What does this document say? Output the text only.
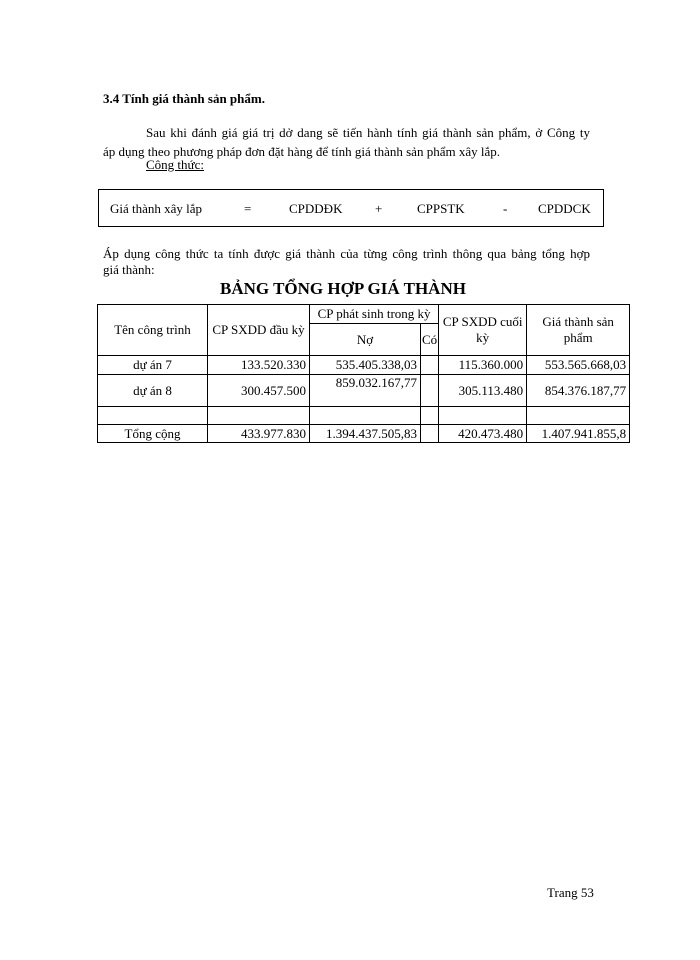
3.4 Tính giá thành sản phẩm.
Sau khi đánh giá giá trị dở dang sẽ tiến hành tính giá thành sản phẩm, ở Công ty
áp dụng theo phương pháp đơn đặt hàng để tính giá thành sản phẩm xây lắp.
Công thức:
Giá thành xây lắp	=	CPDDĐK	+	CPPSTK	- CPDDCK
Áp dụng công thức ta tính được giá thành của từng công trình thông qua bảng tổng hợp
giá thành:
BẢNG TỔNG HỢP GIÁ THÀNH
Tên công trình	CP SXDD đầu kỳ	CP phát sinh trong kỳ		CP SXDD cuối kỳ	Giá thành sản phẩm
		Nợ	Có		
dự án 7	133.520.330	535.405.338,03		115.360.000	553.565.668,03
dự án 8	300.457.500	859.032.167,77		305.113.480	854.376.187,77

Tổng cộng	433.977.830	1.394.437.505,83		420.473.480	1.407.941.855,8
Trang 53
